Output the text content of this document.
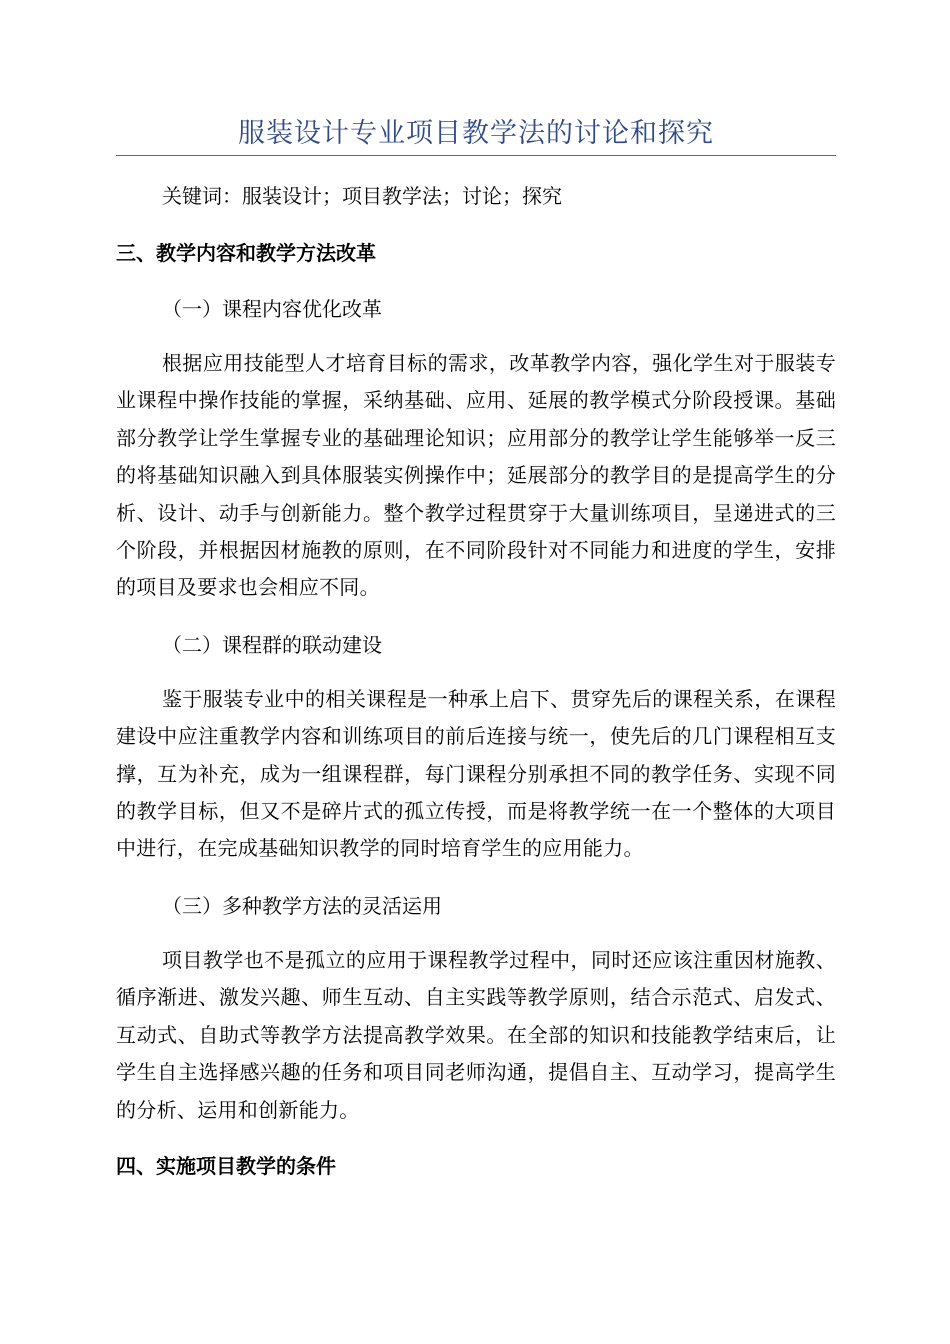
服装设计专业项目教学法的讨论和探究
关键词：服装设计；项目教学法；讨论；探究
三、教学内容和教学方法改革
（一）课程内容优化改革
根据应用技能型人才培育目标的需求，改革教学内容，强化学生对于服装专业课程中操作技能的掌握，采纳基础、应用、延展的教学模式分阶段授课。基础部分教学让学生掌握专业的基础理论知识；应用部分的教学让学生能够举一反三的将基础知识融入到具体服装实例操作中；延展部分的教学目的是提高学生的分析、设计、动手与创新能力。整个教学过程贯穿于大量训练项目，呈递进式的三个阶段，并根据因材施教的原则，在不同阶段针对不同能力和进度的学生，安排的项目及要求也会相应不同。
（二）课程群的联动建设
鉴于服装专业中的相关课程是一种承上启下、贯穿先后的课程关系，在课程建设中应注重教学内容和训练项目的前后连接与统一，使先后的几门课程相互支撑，互为补充，成为一组课程群，每门课程分别承担不同的教学任务、实现不同的教学目标，但又不是碎片式的孤立传授，而是将教学统一在一个整体的大项目中进行，在完成基础知识教学的同时培育学生的应用能力。
（三）多种教学方法的灵活运用
项目教学也不是孤立的应用于课程教学过程中，同时还应该注重因材施教、循序渐进、激发兴趣、师生互动、自主实践等教学原则，结合示范式、启发式、互动式、自助式等教学方法提高教学效果。在全部的知识和技能教学结束后，让学生自主选择感兴趣的任务和项目同老师沟通，提倡自主、互动学习，提高学生的分析、运用和创新能力。
四、实施项目教学的条件
